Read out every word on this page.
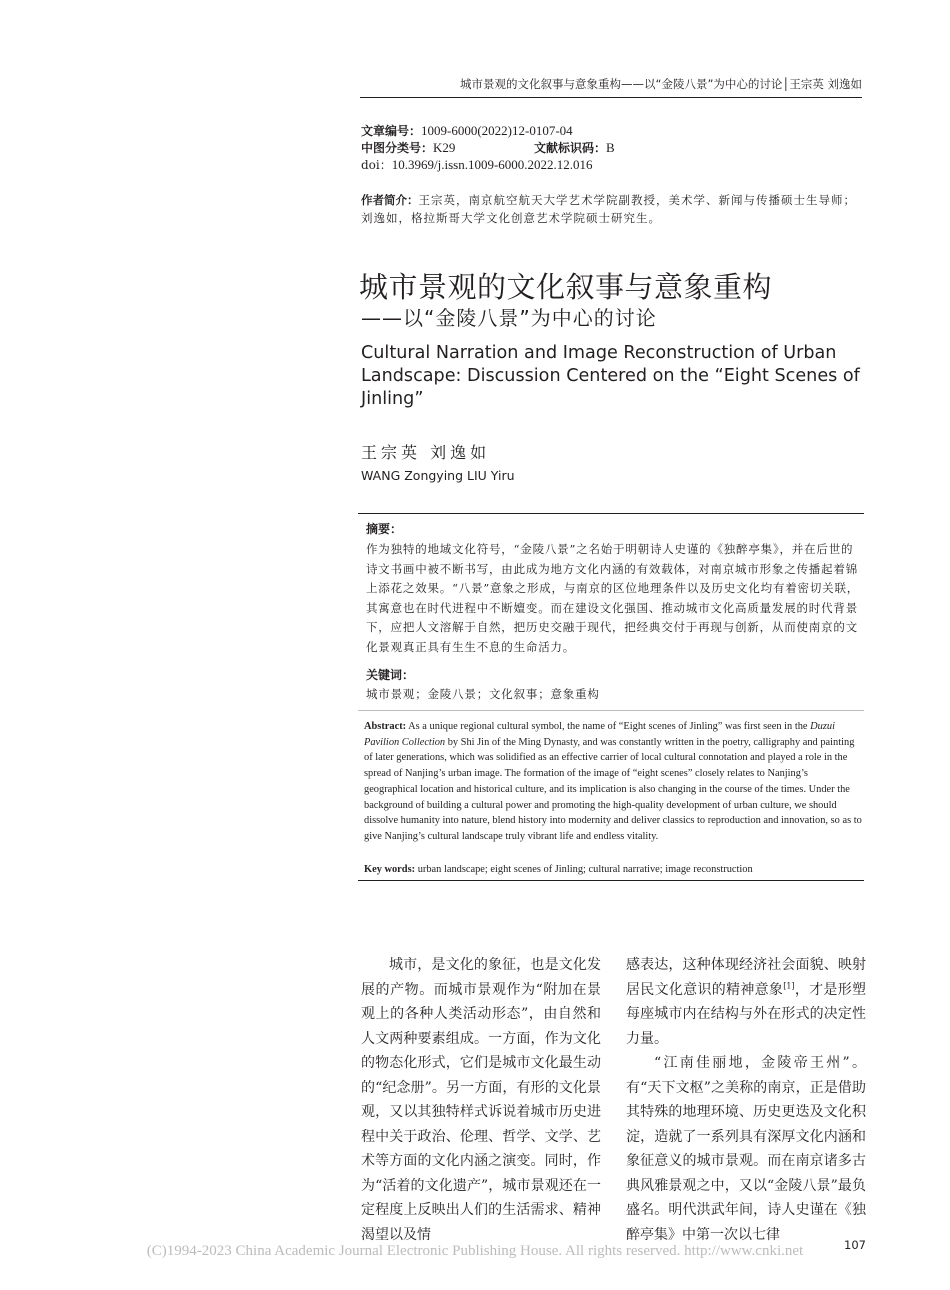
城市景观的文化叙事与意象重构——以“金陵八景”为中心的讨论│王宗英 刘逸如
文章编号：1009-6000(2022)12-0107-04
中图分类号：K29	文献标识码：B
doi：10.3969/j.issn.1009-6000.2022.12.016
作者简介：王宗英，南京航空航天大学艺术学院副教授，美术学、新闻与传播硕士生导师；
刘逸如，格拉斯哥大学文化创意艺术学院硕士研究生。
城市景观的文化叙事与意象重构
——以“金陵八景”为中心的讨论
Cultural Narration and Image Reconstruction of Urban Landscape: Discussion Centered on the “Eight Scenes of Jinling”
王宗英 刘逸如
WANG Zongying LIU Yiru
摘要：
作为独特的地域文化符号，“金陵八景”之名始于明朝诗人史谨的《独醉亭集》，并在后世的诗文书画中被不断书写，由此成为地方文化内涵的有效载体，对南京城市形象之传播起着锦上添花之效果。“八景”意象之形成，与南京的区位地理条件以及历史文化均有着密切关联，其寓意也在时代进程中不断嬗变。而在建设文化强国、推动城市文化高质量发展的时代背景下，应把人文溶解于自然，把历史交融于现代，把经典交付于再现与创新，从而使南京的文化景观真正具有生生不息的生命活力。
关键词：
城市景观；金陵八景；文化叙事；意象重构
Abstract: As a unique regional cultural symbol, the name of “Eight scenes of Jinling” was first seen in the Duzui Pavilion Collection by Shi Jin of the Ming Dynasty, and was constantly written in the poetry, calligraphy and painting of later generations, which was solidified as an effective carrier of local cultural connotation and played a role in the spread of Nanjing’s urban image. The formation of the image of “eight scenes” closely relates to Nanjing’s geographical location and historical culture, and its implication is also changing in the course of the times. Under the background of building a cultural power and promoting the high-quality development of urban culture, we should dissolve humanity into nature, blend history into modernity and deliver classics to reproduction and innovation, so as to give Nanjing’s cultural landscape truly vibrant life and endless vitality.
Key words: urban landscape; eight scenes of Jinling; cultural narrative; image reconstruction

城市，是文化的象征，也是文化发展的产物。而城市景观作为“附加在景观上的各种人类活动形态”，由自然和人文两种要素组成。一方面，作为文化的物态化形式，它们是城市文化最生动的“纪念册”。另一方面，有形的文化景观，又以其独特样式诉说着城市历史进程中关于政治、伦理、哲学、文学、艺术等方面的文化内涵之演变。同时，作为“活着的文化遗产”，城市景观还在一定程度上反映出人们的生活需求、精神渴望以及情

感表达，这种体现经济社会面貌、映射居民文化意识的精神意象[1]，才是形塑每座城市内在结构与外在形式的决定性力量。

“江南佳丽地，金陵帝王州”。有“天下文枢”之美称的南京，正是借助其特殊的地理环境、历史更迭及文化积淀，造就了一系列具有深厚文化内涵和象征意义的城市景观。而在南京诸多古典风雅景观之中，又以“金陵八景”最负盛名。明代洪武年间，诗人史谨在《独醉亭集》中第一次以七律

(C)1994-2023 China Academic Journal Electronic Publishing House. All rights reserved. http://www.cnki.net	107
